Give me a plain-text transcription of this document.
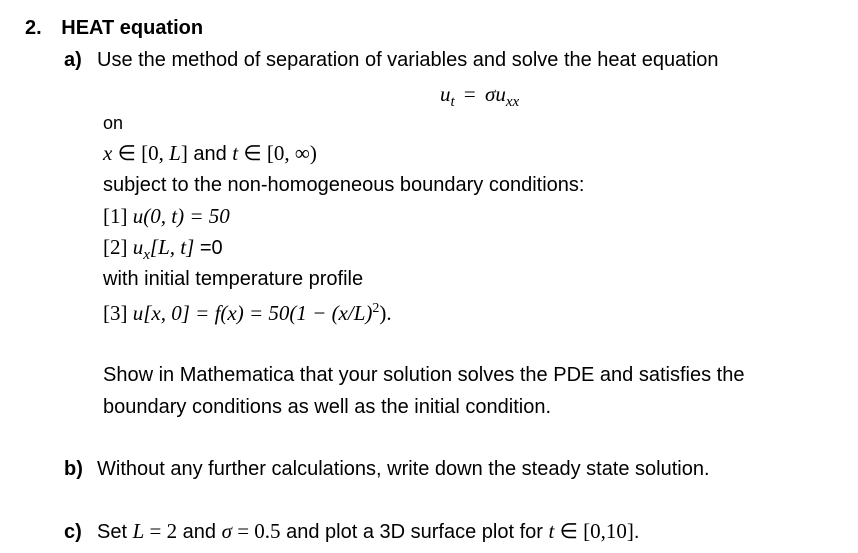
2. HEAT equation
a) Use the method of separation of variables and solve the heat equation
$u_t = \sigma u_{xx}$
on
x ∈ [0, L] and t ∈ [0, ∞)
subject to the non-homogeneous boundary conditions:
[1] u(0, t) = 50
[2] $u_x[L$, t] =0
with initial temperature profile
[3] u[x, $0] = f(x) = 50(1 - (x/L)^2)$.
Show in Mathematica that your solution solves the PDE and satisfies the
boundary conditions as well as the initial condition.
b) Without any further calculations, write down the steady state solution.
c) Set L = 2 and σ = 0.5 and plot a 3D surface plot for t ∈ [0,10].
